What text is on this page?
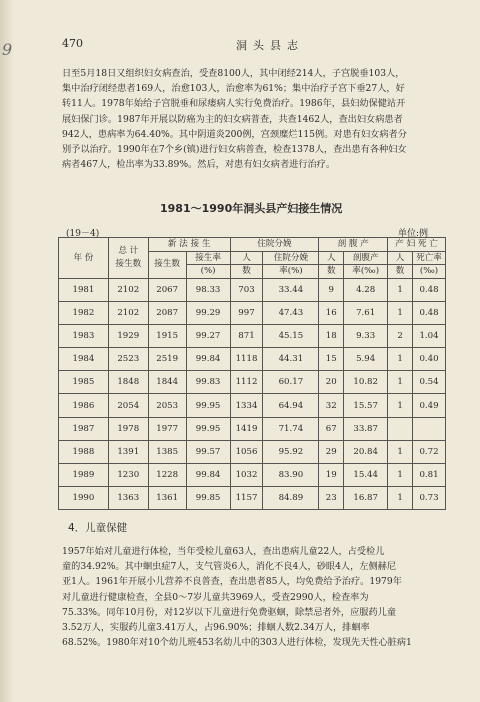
9	470	洞头县志
日至5月18日又组织妇女病查治，受查8100人，其中闭经214人，子宫脱垂103人，
集中治疗闭经患者169人，治愈103人，治愈率为61%；集中治疗子宫下垂27人，好
转11人。1978年始给子宫脱垂和尿瘘病人实行免费治疗。1986年，县妇幼保健站开
展妇保门诊。1987年开展以防癌为主的妇女病普查，共查1462人，查出妇女病患者
942人，患病率为64.40%。其中阴道炎200例，宫颈糜烂115例。对患有妇女病者分
别予以治疗。1990年在7个乡(镇)进行妇女病普查，检查1378人，查出患有各种妇女
病者467人，检出率为33.89%。然后，对患有妇女病者进行治疗。
1981～1990年洞头县产妇接生情况
(19－4)	单位:例
年 份	总 计
接生数	新 法 接 生		住院分娩		剖 腹 产		产 妇 死 亡	
		接生数	接生率	人	住院分娩	人	剖腹产	人	死亡率
			(%)	数	率(%)	数	率(‰)	数	(‰)
1981	2102	2067	98.33	703	33.44	9	4.28	1	0.48
1982	2102	2087	99.29	997	47.43	16	7.61	1	0.48
1983	1929	1915	99.27	871	45.15	18	9.33	2	1.04
1984	2523	2519	99.84	1118	44.31	15	5.94	1	0.40
1985	1848	1844	99.83	1112	60.17	20	10.82	1	0.54
1986	2054	2053	99.95	1334	64.94	32	15.57	1	0.49
1987	1978	1977	99.95	1419	71.74	67	33.87		
1988	1391	1385	99.57	1056	95.92	29	20.84	1	0.72
1989	1230	1228	99.84	1032	83.90	19	15.44	1	0.81
1990	1363	1361	99.85	1157	84.89	23	16.87	1	0.73
4．儿童保健
1957年始对儿童进行体检，当年受检儿童63人，查出患病儿童22人，占受检儿
童的34.92%。其中蛔虫症7人，支气管炎6人，消化不良4人，砂眼4人，左侧赫尼
亚1人。1961年开展小儿营养不良普查，查出患者85人，均免费给予治疗。1979年
对儿童进行健康检查，全县0～7岁儿童共3969人，受查2990人，检查率为
75.33%。同年10月份，对12岁以下儿童进行免费驱蛔，除禁忌者外，应服药儿童
3.52万人，实服药儿童3.41万人，占96.90%；排蛔人数2.34万人，排蛔率
68.52%。1980年对10个幼儿班453名幼儿中的303人进行体检，发现先天性心脏病1
